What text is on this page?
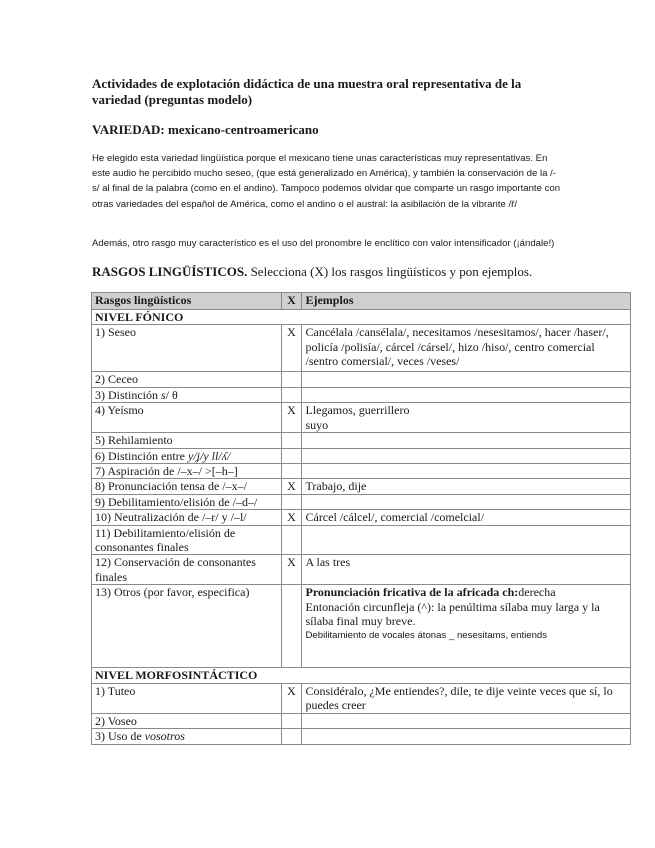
Actividades de explotación didáctica de una muestra oral representativa de la variedad (preguntas modelo)
VARIEDAD: mexicano-centroamericano
He elegido esta variedad lingüística porque el mexicano tiene unas características muy representativas. En este audio he percibido mucho seseo, (que está generalizado en América), y también la conservación de la /-s/ al final de la palabra (como en el andino). Tampoco podemos olvidar que comparte un rasgo importante con otras variedades del español de América, como el andino o el austral: la asibilación de la vibrante /ř/
Además, otro rasgo muy característico es el uso del pronombre le enclítico con valor intensificador (¡ándale!)
RASGOS LINGÜÍSTICOS. Selecciona (X) los rasgos lingüísticos y pon ejemplos.
Rasgos lingüísticos	X	Ejemplos
NIVEL FÓNICO		
1) Seseo	X	Cancélala /cansélala/, necesitamos /nesesitamos/, hacer /haser/, policía /polisía/, cárcel /cársel/, hizo /hiso/, centro comercial /sentro comersial/, veces /veses/
2) Ceceo		
3) Distinción s/ θ		
4) Yeísmo	X	Llegamos, guerrillero
suyo

5) Rehilamiento		
6) Distinción entre y/ʝ/y ll/ʎ/		
7) Aspiración de /–x–/ >[–h–]		
8) Pronunciación tensa de /–x–/	X	Trabajo, dije
9) Debilitamiento/elisión de /–d–/		
10) Neutralización de /–r/ y /–l/	X	Cárcel /cálcel/, comercial /comelcial/
11) Debilitamiento/elisión de consonantes finales		
12) Conservación de consonantes finales	X	A las tres
13) Otros (por favor, especifica)		Pronunciación fricativa de la africada ch:derecha
Entonación circunfleja (^): la penúltima sílaba muy larga y la sílaba final muy breve.
Debilitamiento de vocales átonas _ nesesitams, entiends

NIVEL MORFOSINTÁCTICO		
1) Tuteo	X	Considéralo, ¿Me entiendes?, dile, te dije veinte veces que sí, lo puedes creer
2) Voseo		
3) Uso de vosotros		
